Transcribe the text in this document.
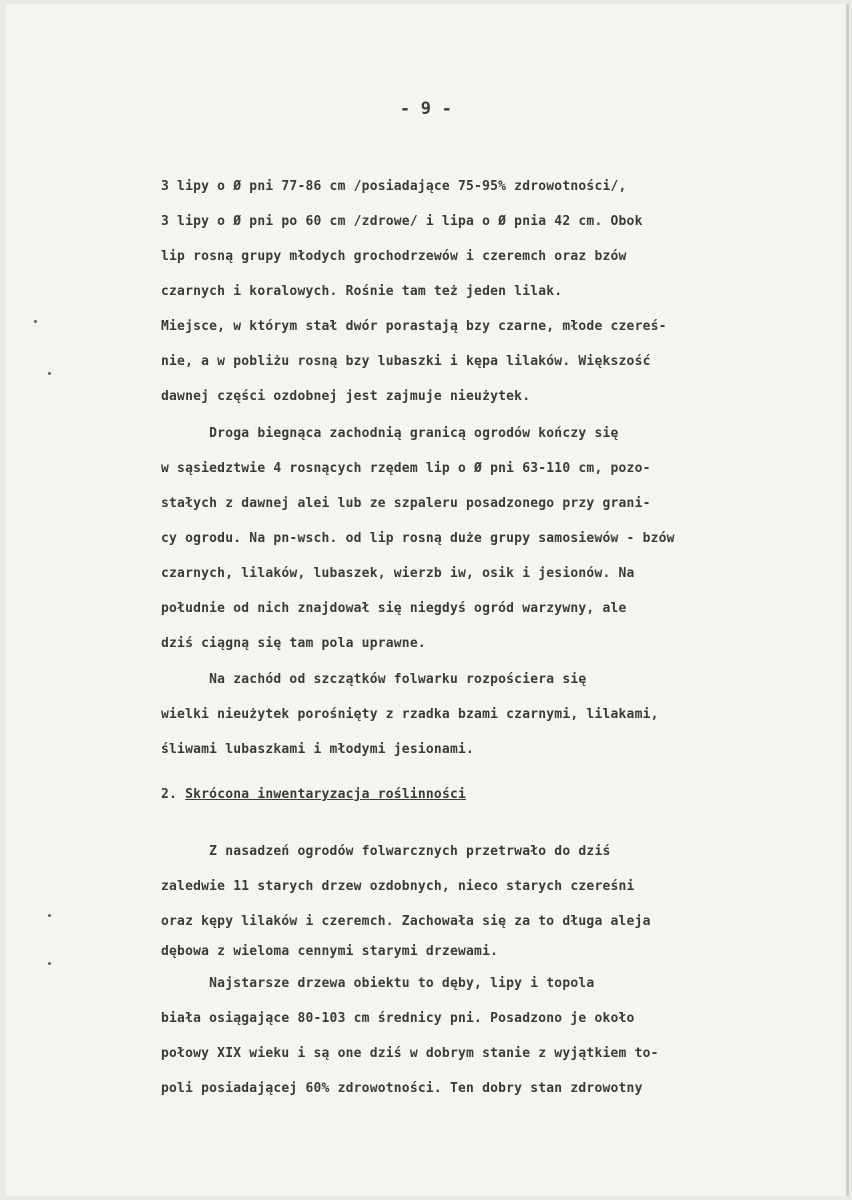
- 9 -
3 lipy o Ø pni 77-86 cm /posiadające 75-95% zdrowotności/,
3 lipy o Ø pni po 60 cm /zdrowe/ i lipa o Ø pnia 42 cm. Obok
lip rosną grupy młodych grochodrzewów i czeremch oraz bzów
czarnych i koralowych. Rośnie tam też jeden lilak.
Miejsce, w którym stał dwór porastają bzy czarne, młode czereś-
nie, a w pobliżu rosną bzy lubaszki i kępa lilaków. Większość
dawnej części ozdobnej jest zajmuje nieużytek.
Droga biegnąca zachodnią granicą ogrodów kończy się
w sąsiedztwie 4 rosnących rzędem lip o Ø pni 63-110 cm, pozo-
stałych z dawnej alei lub ze szpaleru posadzonego przy grani-
cy ogrodu. Na pn-wsch. od lip rosną duże grupy samosiewów - bzów
czarnych, lilaków, lubaszek, wierzb iw, osik i jesionów. Na
południe od nich znajdował się niegdyś ogród warzywny, ale
dziś ciągną się tam pola uprawne.
Na zachód od szczątków folwarku rozpościera się
wielki nieużytek porośnięty z rzadka bzami czarnymi, lilakami,
śliwami lubaszkami i młodymi jesionami.
2. Skrócona inwentaryzacja roślinności
Z nasadzeń ogrodów folwarcznych przetrwało do dziś
zaledwie 11 starych drzew ozdobnych, nieco starych czereśni
oraz kępy lilaków i czeremch. Zachowała się za to długa aleja
dębowa z wieloma cennymi starymi drzewami.
Najstarsze drzewa obiektu to dęby, lipy i topola
biała osiągające 80-103 cm średnicy pni. Posadzono je około
połowy XIX wieku i są one dziś w dobrym stanie z wyjątkiem to-
poli posiadającej 60% zdrowotności. Ten dobry stan zdrowotny
